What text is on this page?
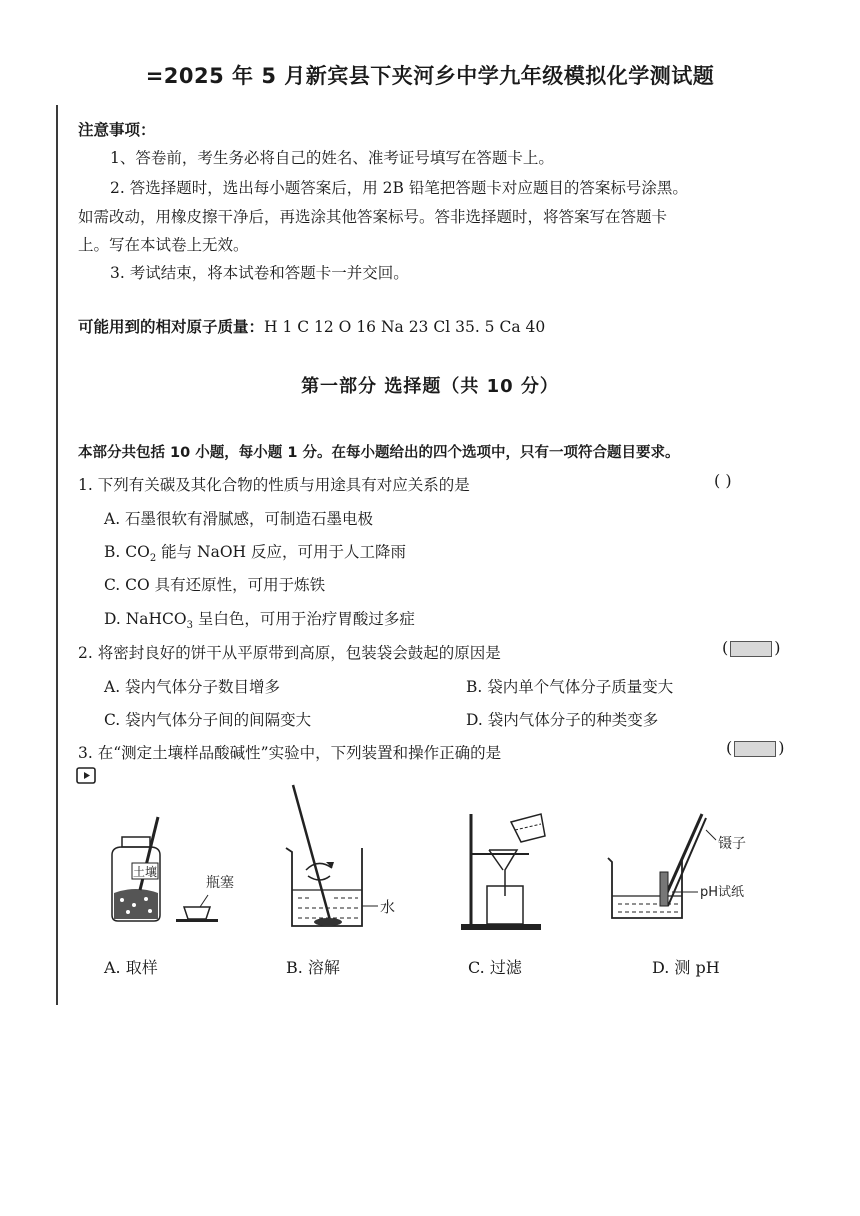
=2025 年 5 月新宾县下夹河乡中学九年级模拟化学测试题
注意事项：
1、答卷前，考生务必将自己的姓名、准考证号填写在答题卡上。
2. 答选择题时，选出每小题答案后，用 2B 铅笔把答题卡对应题目的答案标号涂黑。
如需改动，用橡皮擦干净后，再选涂其他答案标号。答非选择题时，将答案写在答题卡
上。写在本试卷上无效。
3. 考试结束，将本试卷和答题卡一并交回。
可能用到的相对原子质量：H 1 C 12 O 16 Na 23 Cl 35. 5 Ca 40
第一部分 选择题（共 10 分）
本部分共包括 10 小题，每小题 1 分。在每小题给出的四个选项中，只有一项符合题目要求。
1. 下列有关碳及其化合物的性质与用途具有对应关系的是	( )
A. 石墨很软有滑腻感，可制造石墨电极
B. $CO_2$ 能与 NaOH 反应，可用于人工降雨
C. CO 具有还原性，可用于炼铁
D. NaHCO$_3$ 呈白色，可用于治疗胃酸过多症
2. 将密封良好的饼干从平原带到高原，包装袋会鼓起的原因是	(	)
A. 袋内气体分子数目增多	B. 袋内单个气体分子质量变大
C. 袋内气体分子间的间隔变大	D. 袋内气体分子的种类变多
3. 在“测定土壤样品酸碱性”实验中，下列装置和操作正确的是	(	)
土壤
瓶塞
水
镊子
pH试纸
A. 取样	B. 溶解	C. 过滤	D. 测 pH
